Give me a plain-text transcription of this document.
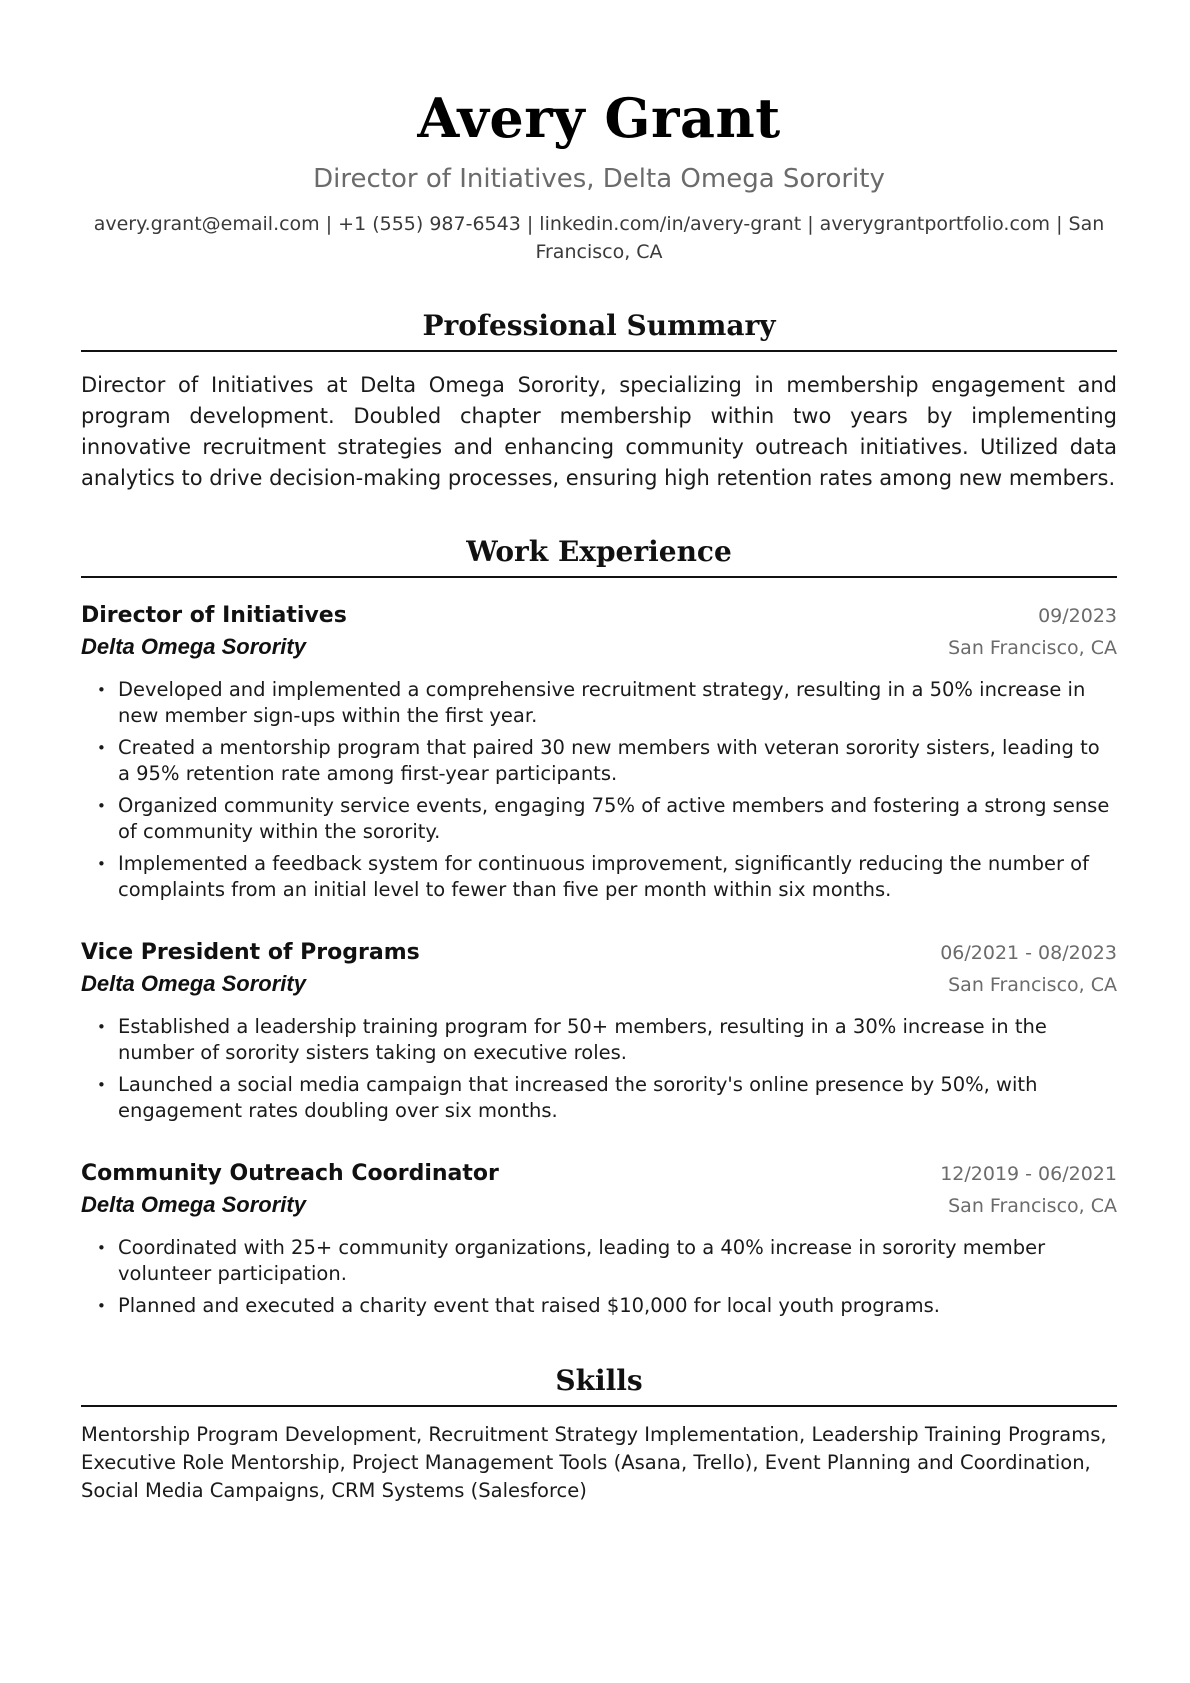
Avery Grant
Director of Initiatives, Delta Omega Sorority
avery.grant@email.com | +1 (555) 987-6543 | linkedin.com/in/avery-grant | averygrantportfolio.com | San Francisco, CA
Professional Summary
Director of Initiatives at Delta Omega Sorority, specializing in membership engagement and program development. Doubled chapter membership within two years by implementing innovative recruitment strategies and enhancing community outreach initiatives. Utilized data analytics to drive decision-making processes, ensuring high retention rates among new members.
Work Experience
Director of Initiatives	09/2023
Delta Omega Sorority	San Francisco, CA
• Developed and implemented a comprehensive recruitment strategy, resulting in a 50% increase in new member sign-ups within the first year.
• Created a mentorship program that paired 30 new members with veteran sorority sisters, leading to a 95% retention rate among first-year participants.
• Organized community service events, engaging 75% of active members and fostering a strong sense of community within the sorority.
• Implemented a feedback system for continuous improvement, significantly reducing the number of complaints from an initial level to fewer than five per month within six months.
Vice President of Programs	06/2021 - 08/2023
Delta Omega Sorority	San Francisco, CA
• Established a leadership training program for 50+ members, resulting in a 30% increase in the number of sorority sisters taking on executive roles.
• Launched a social media campaign that increased the sorority's online presence by 50%, with engagement rates doubling over six months.
Community Outreach Coordinator	12/2019 - 06/2021
Delta Omega Sorority	San Francisco, CA
• Coordinated with 25+ community organizations, leading to a 40% increase in sorority member volunteer participation.
• Planned and executed a charity event that raised $10,000 for local youth programs.
Skills
Mentorship Program Development, Recruitment Strategy Implementation, Leadership Training Programs, Executive Role Mentorship, Project Management Tools (Asana, Trello), Event Planning and Coordination, Social Media Campaigns, CRM Systems (Salesforce)
